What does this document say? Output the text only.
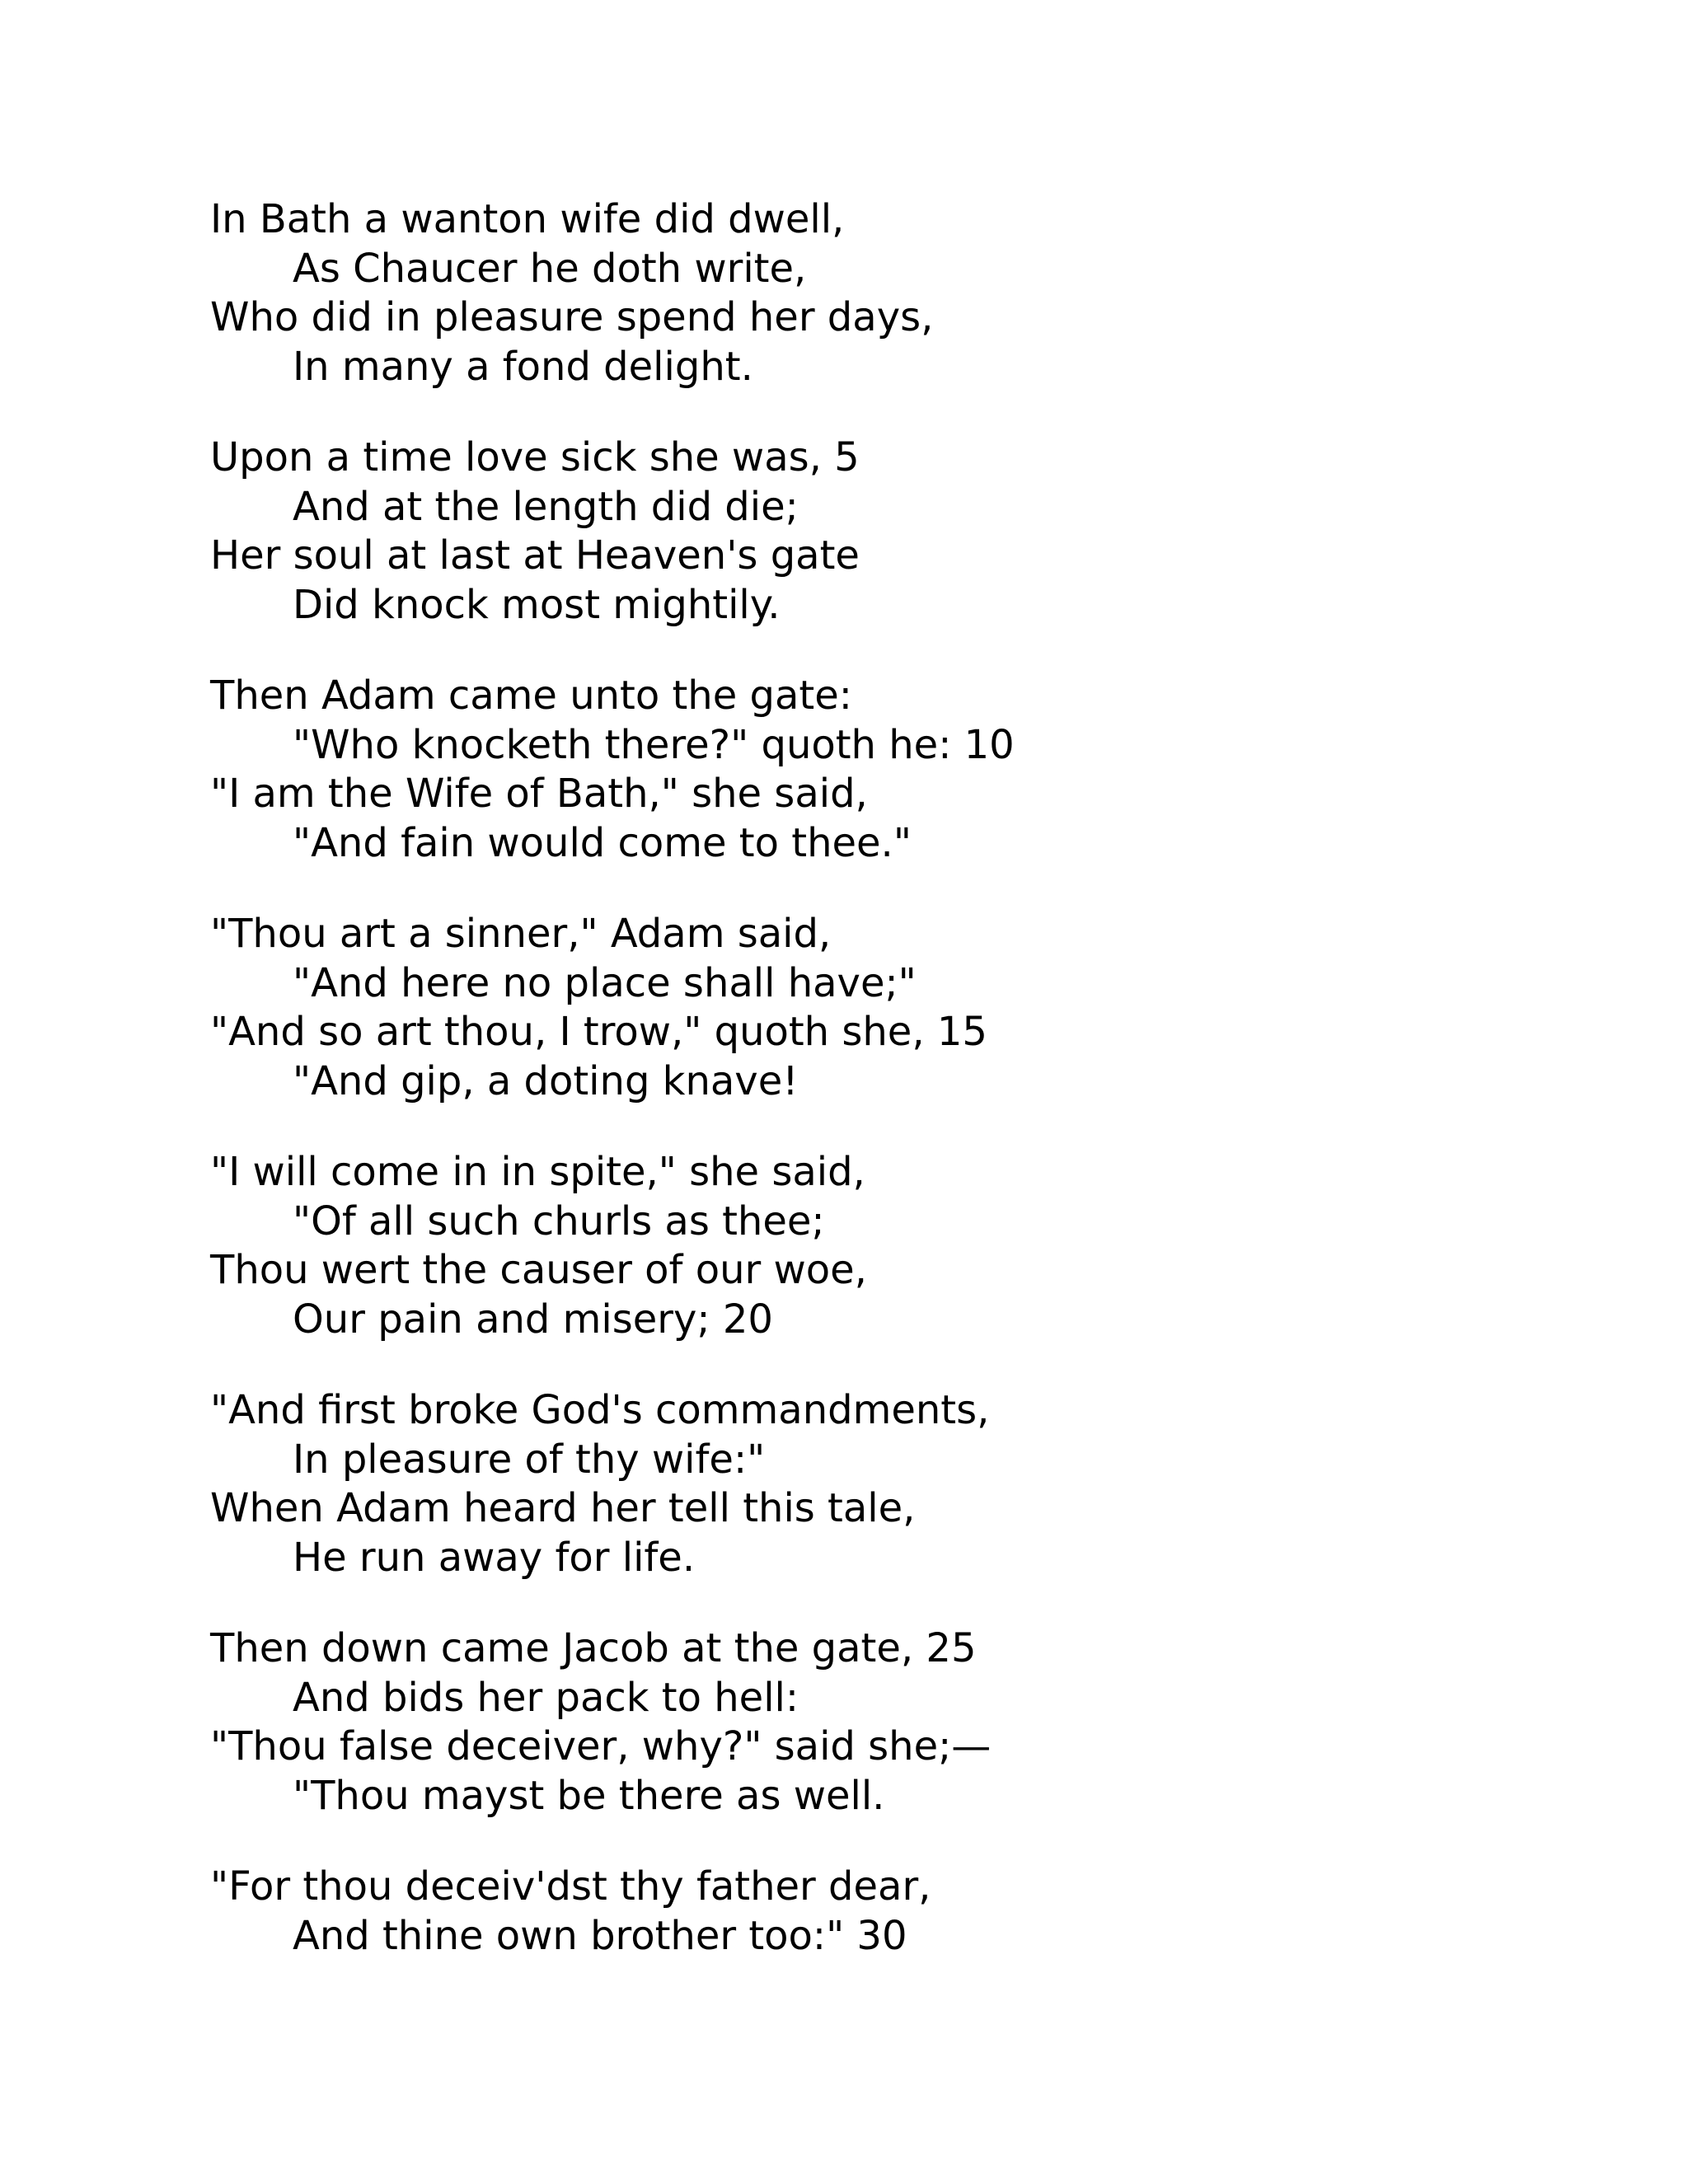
In Bath a wanton wife did dwell,
As Chaucer he doth write,
Who did in pleasure spend her days,
In many a fond delight.
Upon a time love sick she was, 5
And at the length did die;
Her soul at last at Heaven's gate
Did knock most mightily.
Then Adam came unto the gate:
"Who knocketh there?" quoth he: 10
"I am the Wife of Bath," she said,
"And fain would come to thee."
"Thou art a sinner," Adam said,
"And here no place shall have;"
"And so art thou, I trow," quoth she, 15
"And gip, a doting knave!
"I will come in in spite," she said,
"Of all such churls as thee;
Thou wert the causer of our woe,
Our pain and misery; 20
"And first broke God's commandments,
In pleasure of thy wife:"
When Adam heard her tell this tale,
He run away for life.
Then down came Jacob at the gate, 25
And bids her pack to hell:
"Thou false deceiver, why?" said she;—
"Thou mayst be there as well.
"For thou deceiv'dst thy father dear,
And thine own brother too:" 30
